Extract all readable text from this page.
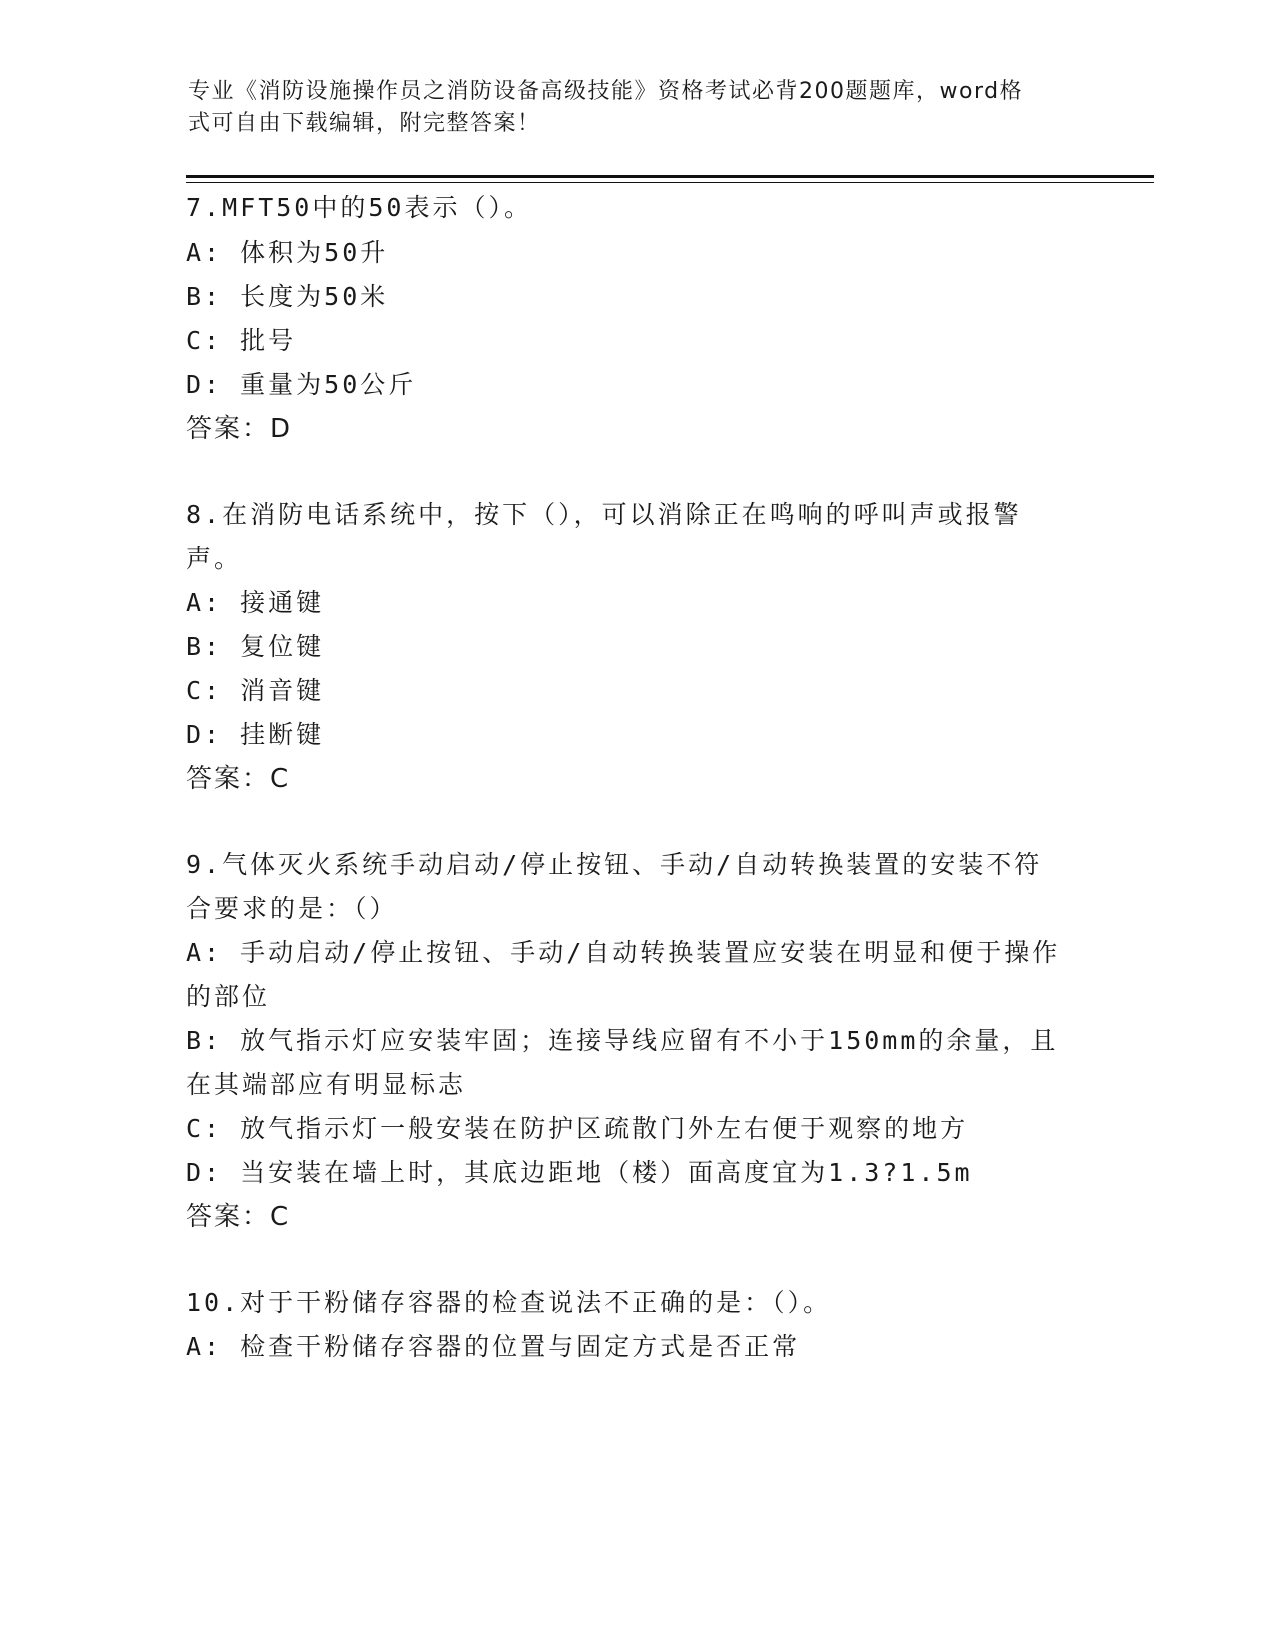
专业《消防设施操作员之消防设备高级技能》资格考试必背200题题库，word格
式可自由下载编辑，附完整答案！
7.MFT50中的50表示（）。
A: 体积为50升
B: 长度为50米
C: 批号
D: 重量为50公斤
答案：D
8.在消防电话系统中，按下（），可以消除正在鸣响的呼叫声或报警
声。
A: 接通键
B: 复位键
C: 消音键
D: 挂断键
答案：C
9.气体灭火系统手动启动/停止按钮、手动/自动转换装置的安装不符
合要求的是：（）
A: 手动启动/停止按钮、手动/自动转换装置应安装在明显和便于操作
的部位
B: 放气指示灯应安装牢固；连接导线应留有不小于150mm的余量，且
在其端部应有明显标志
C: 放气指示灯一般安装在防护区疏散门外左右便于观察的地方
D: 当安装在墙上时，其底边距地（楼）面高度宜为1.3?1.5m
答案：C
10.对于干粉储存容器的检查说法不正确的是：（）。
A: 检查干粉储存容器的位置与固定方式是否正常
